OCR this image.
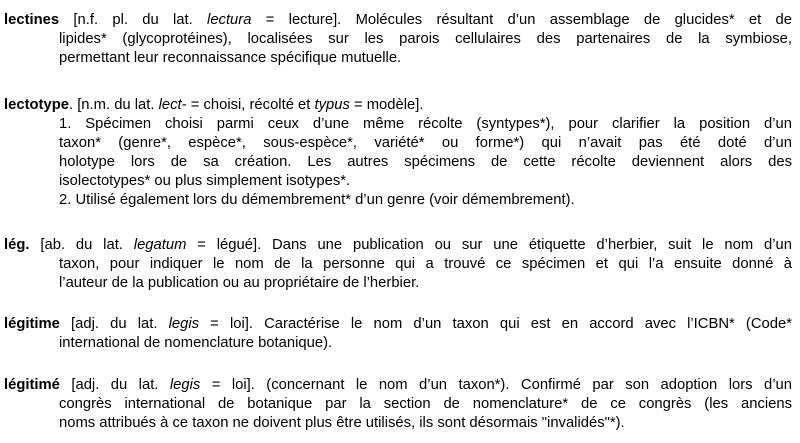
lectines [n.f. pl. du lat. lectura = lecture]. Molécules résultant d’un assemblage de glucides* et de
lipides* (glycoprotéines), localisées sur les parois cellulaires des partenaires de la symbiose,
permettant leur reconnaissance spécifique mutuelle.
lectotype. [n.m. du lat. lect- = choisi, récolté et typus = modèle].
1. Spécimen choisi parmi ceux d’une même récolte (syntypes*), pour clarifier la position d’un
taxon* (genre*, espèce*, sous-espèce*, variété* ou forme*) qui n’avait pas été doté d’un
holotype lors de sa création. Les autres spécimens de cette récolte deviennent alors des
isolectotypes* ou plus simplement isotypes*.
2. Utilisé également lors du démembrement* d’un genre (voir démembrement).
lég. [ab. du lat. legatum = légué]. Dans une publication ou sur une étiquette d’herbier, suit le nom d’un
taxon, pour indiquer le nom de la personne qui a trouvé ce spécimen et qui l’a ensuite donné à
l’auteur de la publication ou au propriétaire de l’herbier.
légitime [adj. du lat. legis = loi]. Caractérise le nom d’un taxon qui est en accord avec l’ICBN* (Code*
international de nomenclature botanique).
légitimé [adj. du lat. legis = loi]. (concernant le nom d’un taxon*). Confirmé par son adoption lors d’un
congrès international de botanique par la section de nomenclature* de ce congrès (les anciens
noms attribués à ce taxon ne doivent plus être utilisés, ils sont désormais "invalidés"*).
